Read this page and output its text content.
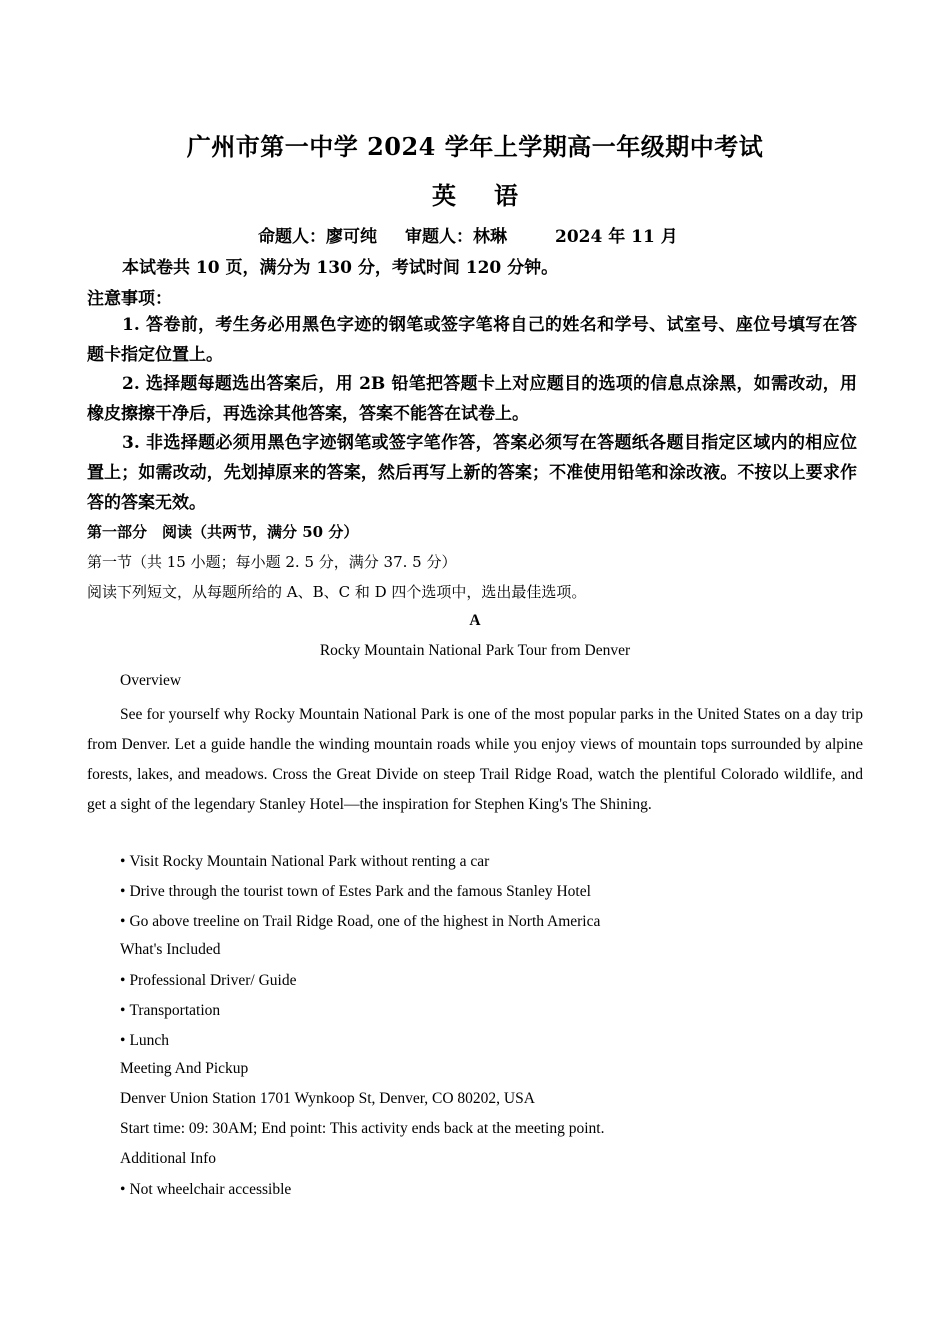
广州市第一中学 2024 学年上学期高一年级期中考试
英 语
命题人：廖可纯 审题人：林琳	2024 年 11 月
本试卷共 10 页，满分为 130 分，考试时间 120 分钟。
注意事项：
1. 答卷前，考生务必用黑色字迹的钢笔或签字笔将自己的姓名和学号、试室号、座位号填写在答题卡指定位置上。
2. 选择题每题选出答案后，用 2B 铅笔把答题卡上对应题目的选项的信息点涂黑，如需改动，用橡皮擦擦干净后，再选涂其他答案，答案不能答在试卷上。
3. 非选择题必须用黑色字迹钢笔或签字笔作答，答案必须写在答题纸各题目指定区域内的相应位置上；如需改动，先划掉原来的答案，然后再写上新的答案；不准使用铅笔和涂改液。不按以上要求作答的答案无效。
第一部分　阅读（共两节，满分 50 分）
第一节（共 15 小题；每小题 2. 5 分，满分 37. 5 分）
阅读下列短文，从每题所给的 A、B、C 和 D 四个选项中，选出最佳选项。
A
Rocky Mountain National Park Tour from Denver
Overview
See for yourself why Rocky Mountain National Park is one of the most popular parks in the United States on a day trip from Denver. Let a guide handle the winding mountain roads while you enjoy views of mountain tops surrounded by alpine forests, lakes, and meadows. Cross the Great Divide on steep Trail Ridge Road, watch the plentiful Colorado wildlife, and get a sight of the legendary Stanley Hotel—the inspiration for Stephen King's The Shining.
• Visit Rocky Mountain National Park without renting a car
• Drive through the tourist town of Estes Park and the famous Stanley Hotel
• Go above treeline on Trail Ridge Road, one of the highest in North America
What's Included
• Professional Driver/ Guide
• Transportation
• Lunch
Meeting And Pickup
Denver Union Station 1701 Wynkoop St, Denver, CO 80202, USA
Start time: 09: 30AM; End point: This activity ends back at the meeting point.
Additional Info
• Not wheelchair accessible
